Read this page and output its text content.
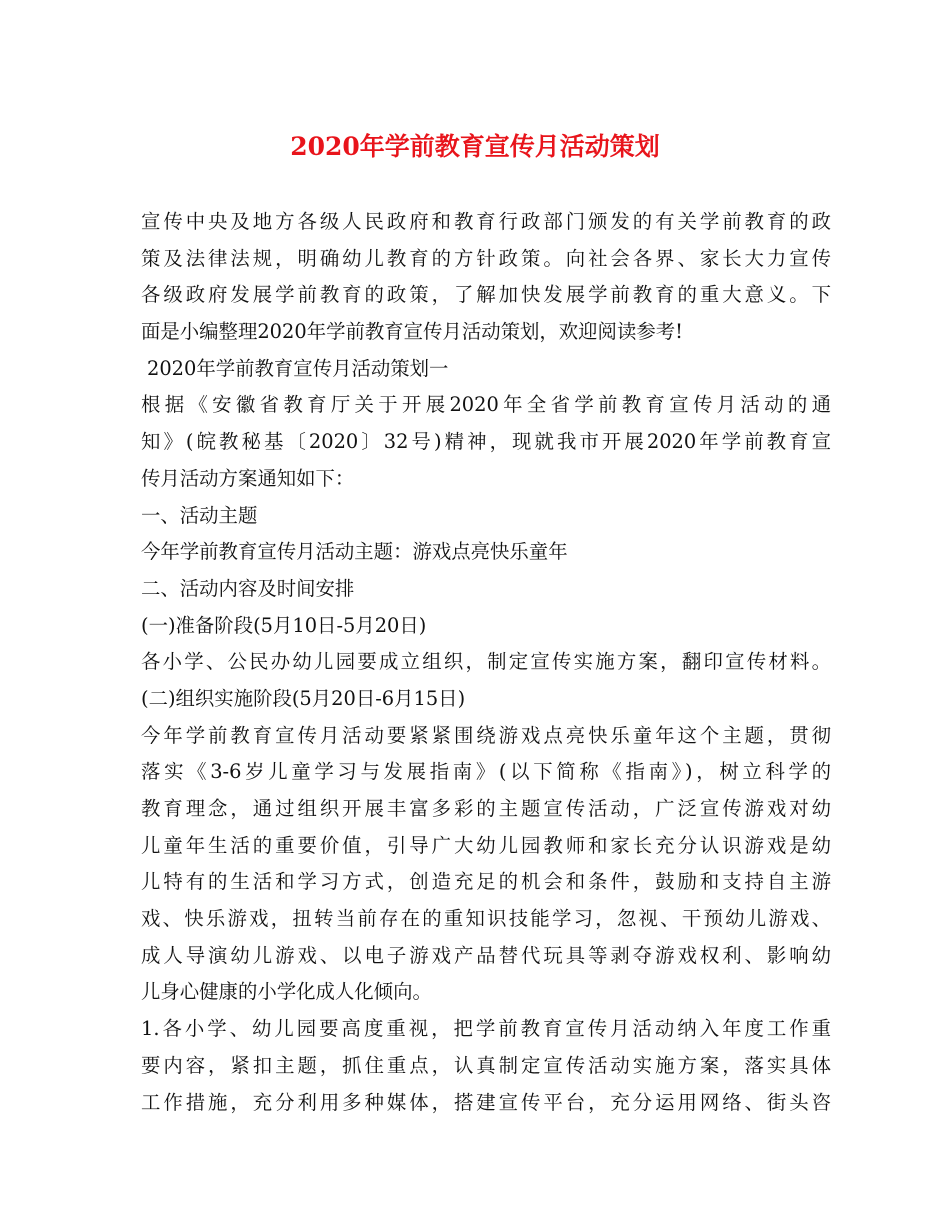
2020年学前教育宣传月活动策划
宣传中央及地方各级人民政府和教育行政部门颁发的有关学前教育的政
策及法律法规，明确幼儿教育的方针政策。向社会各界、家长大力宣传
各级政府发展学前教育的政策，了解加快发展学前教育的重大意义。下
面是小编整理2020年学前教育宣传月活动策划，欢迎阅读参考!
2020年学前教育宣传月活动策划一
根据《安徽省教育厅关于开展2020年全省学前教育宣传月活动的通
知》(皖教秘基〔2020〕32号)精神，现就我市开展2020年学前教育宣
传月活动方案通知如下：
一、活动主题
今年学前教育宣传月活动主题：游戏点亮快乐童年
二、活动内容及时间安排
(一)准备阶段(5月10日-5月20日)
各小学、公民办幼儿园要成立组织，制定宣传实施方案，翻印宣传材料。
(二)组织实施阶段(5月20日-6月15日)
今年学前教育宣传月活动要紧紧围绕游戏点亮快乐童年这个主题，贯彻
落实《3-6岁儿童学习与发展指南》(以下简称《指南》)，树立科学的
教育理念，通过组织开展丰富多彩的主题宣传活动，广泛宣传游戏对幼
儿童年生活的重要价值，引导广大幼儿园教师和家长充分认识游戏是幼
儿特有的生活和学习方式，创造充足的机会和条件，鼓励和支持自主游
戏、快乐游戏，扭转当前存在的重知识技能学习，忽视、干预幼儿游戏、
成人导演幼儿游戏、以电子游戏产品替代玩具等剥夺游戏权利、影响幼
儿身心健康的小学化成人化倾向。
1.各小学、幼儿园要高度重视，把学前教育宣传月活动纳入年度工作重
要内容，紧扣主题，抓住重点，认真制定宣传活动实施方案，落实具体
工作措施，充分利用多种媒体，搭建宣传平台，充分运用网络、街头咨
